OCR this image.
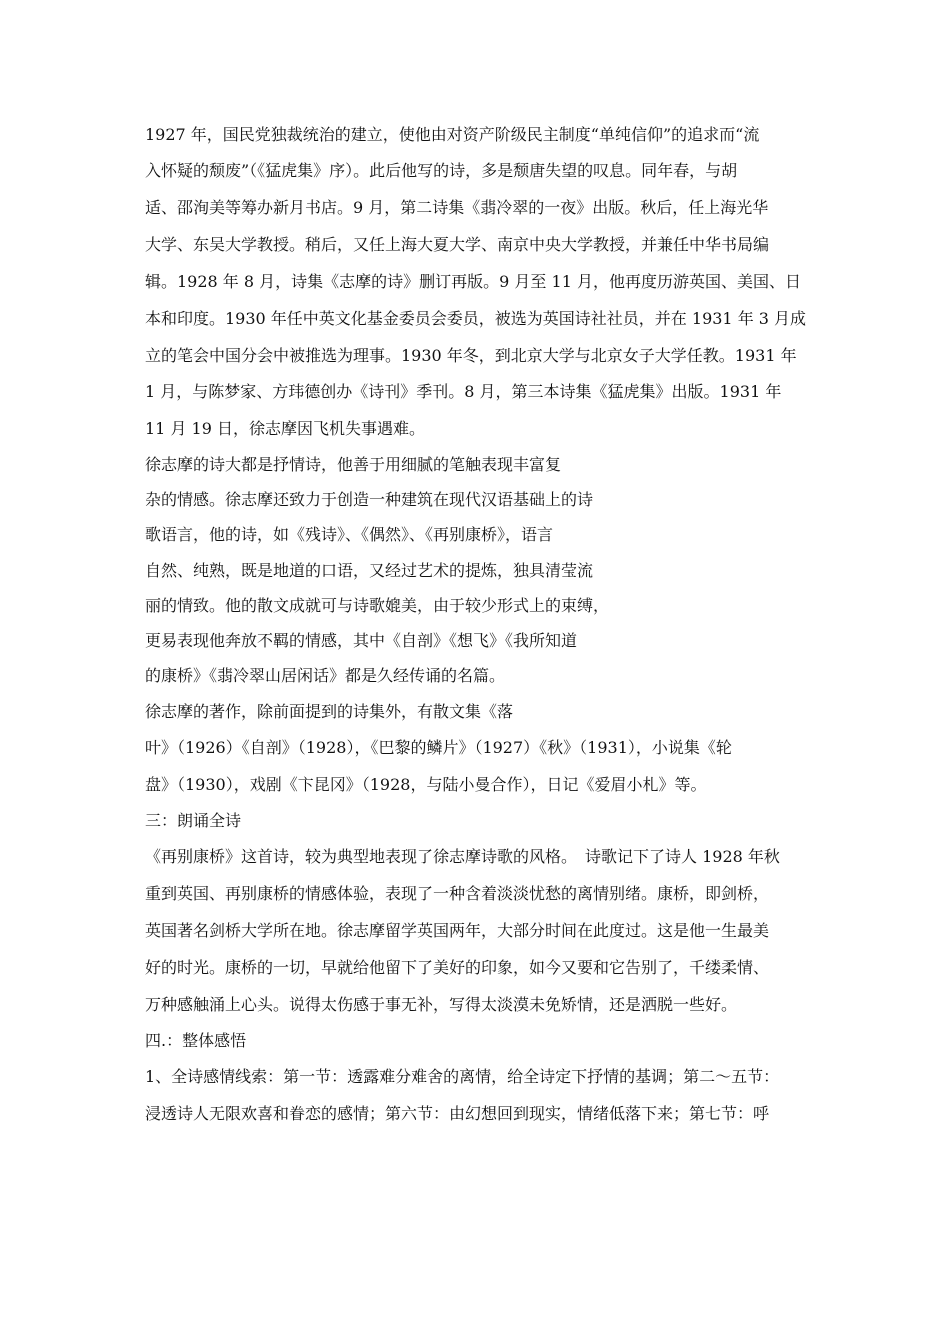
1927 年，国民党独裁统治的建立，使他由对资产阶级民主制度“单纯信仰”的追求而“流
入怀疑的颓废”（《猛虎集》序）。此后他写的诗，多是颓唐失望的叹息。同年春，与胡
适、邵洵美等筹办新月书店。9 月，第二诗集《翡冷翠的一夜》出版。秋后，任上海光华
大学、东吴大学教授。稍后，又任上海大夏大学、南京中央大学教授，并兼任中华书局编
辑。1928 年 8 月，诗集《志摩的诗》删订再版。9 月至 11 月，他再度历游英国、美国、日
本和印度。1930 年任中英文化基金委员会委员，被选为英国诗社社员，并在 1931 年 3 月成
立的笔会中国分会中被推选为理事。1930 年冬，到北京大学与北京女子大学任教。1931 年
1 月，与陈梦家、方玮德创办《诗刊》季刊。8 月，第三本诗集《猛虎集》出版。1931 年
11 月 19 日，徐志摩因飞机失事遇难。
徐志摩的诗大都是抒情诗，他善于用细腻的笔触表现丰富复
杂的情感。徐志摩还致力于创造一种建筑在现代汉语基础上的诗
歌语言，他的诗，如《残诗》、《偶然》、《再别康桥》，语言
自然、纯熟，既是地道的口语，又经过艺术的提炼，独具清莹流
丽的情致。他的散文成就可与诗歌媲美，由于较少形式上的束缚，
更易表现他奔放不羁的情感，其中《自剖》《想飞》《我所知道
的康桥》《翡冷翠山居闲话》都是久经传诵的名篇。
徐志摩的著作，除前面提到的诗集外，有散文集《落
叶》（1926）《自剖》（1928），《巴黎的鳞片》（1927）《秋》（1931），小说集《轮
盘》（1930），戏剧《卞昆冈》（1928，与陆小曼合作），日记《爱眉小札》等。
三：朗诵全诗
《再别康桥》这首诗，较为典型地表现了徐志摩诗歌的风格。　诗歌记下了诗人 1928 年秋
重到英国、再别康桥的情感体验，表现了一种含着淡淡忧愁的离情别绪。康桥，即剑桥，
英国著名剑桥大学所在地。徐志摩留学英国两年，大部分时间在此度过。这是他一生最美
好的时光。康桥的一切，早就给他留下了美好的印象，如今又要和它告别了，千缕柔情、
万种感触涌上心头。说得太伤感于事无补，写得太淡漠未免矫情，还是洒脱一些好。
四.：整体感悟
1、全诗感情线索：第一节：透露难分难舍的离情，给全诗定下抒情的基调；第二～五节：
浸透诗人无限欢喜和眷恋的感情；第六节：由幻想回到现实，情绪低落下来；第七节：呼
